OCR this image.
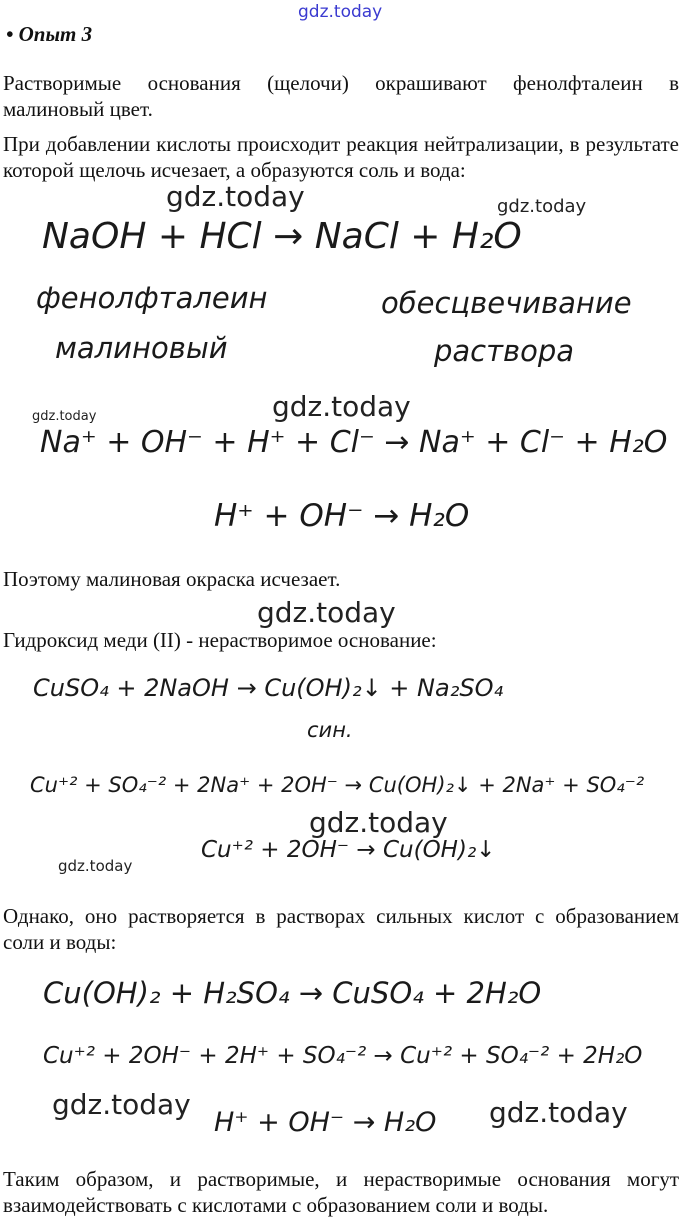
gdz.today
gdz.today	gdz.today
gdz.today
gdz.today
gdz.today
gdz.today
gdz.today
gdz.today	gdz.today
• Опыт 3
Растворимые основания (щелочи) окрашивают фенолфталеин в малиновый цвет.
При добавлении кислоты происходит реакция нейтрализации, в результате которой щелочь исчезает, а образуются соль и вода:
Поэтому малиновая окраска исчезает.
Гидроксид меди (II) - нерастворимое основание:
Однако, оно растворяется в растворах сильных кислот с образованием соли и воды:
Таким образом, и растворимые, и нерастворимые основания могут взаимодействовать с кислотами с образованием соли и воды.
NaOH + HCl → NaCl + H₂O
фенолфталеин
малиновый
обесцвечивание
раствора
Na⁺ + OH⁻ + H⁺ + Cl⁻ → Na⁺ + Cl⁻ + H₂O
H⁺ + OH⁻ → H₂O
CuSO₄ + 2NaOH → Cu(OH)₂↓ + Na₂SO₄
син.
Cu⁺² + SO₄⁻² + 2Na⁺ + 2OH⁻ → Cu(OH)₂↓ + 2Na⁺ + SO₄⁻²
Cu⁺² + 2OH⁻ → Cu(OH)₂↓
Cu(OH)₂ + H₂SO₄ → CuSO₄ + 2H₂O
Cu⁺² + 2OH⁻ + 2H⁺ + SO₄⁻² → Cu⁺² + SO₄⁻² + 2H₂O
H⁺ + OH⁻ → H₂O
